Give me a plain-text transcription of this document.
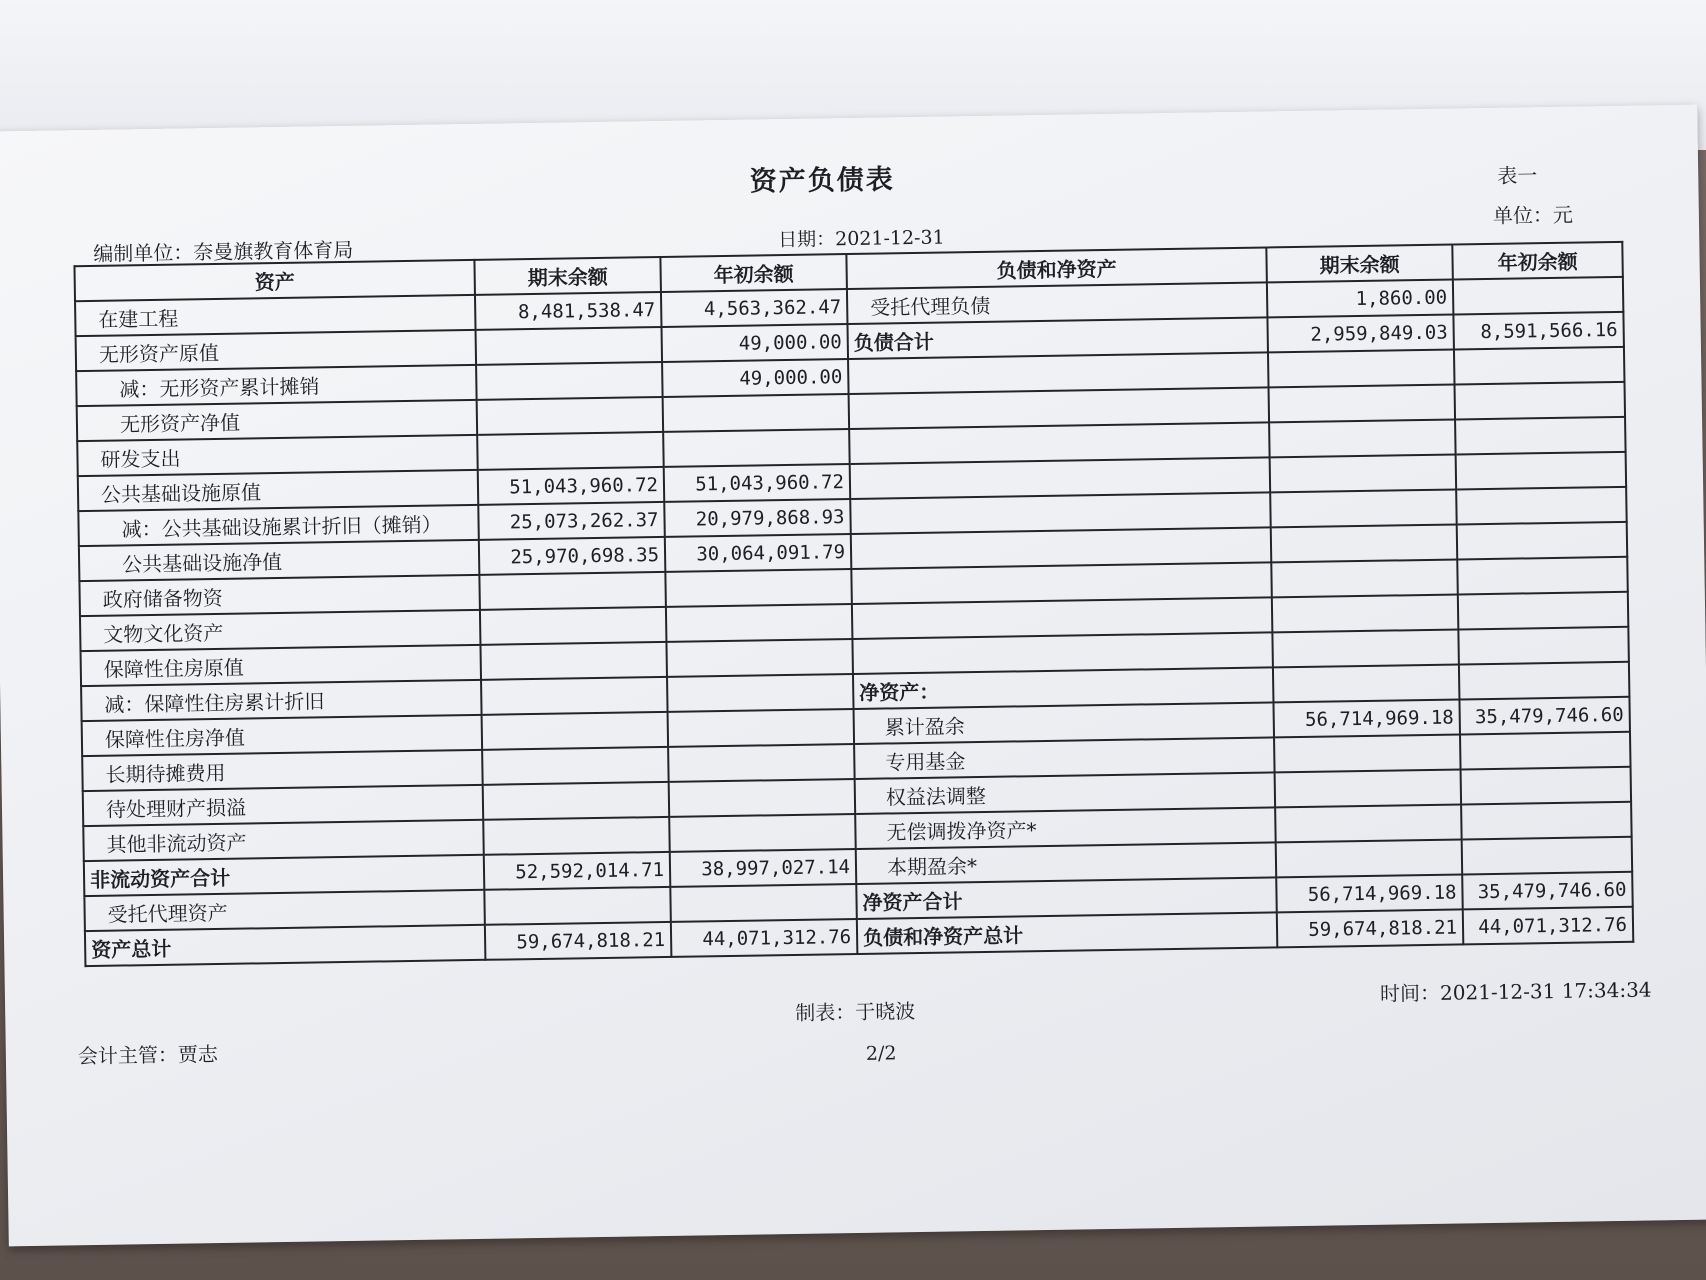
资产负债表	表一
单位：元
编制单位：奈曼旗教育体育局	日期：2021-12-31
资产	期末余额	年初余额	负债和净资产	期末余额	年初余额
在建工程	8,481,538.47	4,563,362.47	受托代理负债	1,860.00	
无形资产原值		49,000.00	负债合计	2,959,849.03	8,591,566.16
减：无形资产累计摊销		49,000.00			
无形资产净值					
研发支出					
公共基础设施原值	51,043,960.72	51,043,960.72			
减：公共基础设施累计折旧（摊销）	25,073,262.37	20,979,868.93			
公共基础设施净值	25,970,698.35	30,064,091.79			
政府储备物资					
文物文化资产					
保障性住房原值					
减：保障性住房累计折旧			净资产：		
保障性住房净值			累计盈余	56,714,969.18	35,479,746.60
长期待摊费用			专用基金		
待处理财产损溢			权益法调整		
其他非流动资产			无偿调拨净资产*		
非流动资产合计	52,592,014.71	38,997,027.14	本期盈余*		
受托代理资产			净资产合计	56,714,969.18	35,479,746.60
资产总计	59,674,818.21	44,071,312.76	负债和净资产总计	59,674,818.21	44,071,312.76
制表：于晓波
时间：2021-12-31 17:34:34
会计主管：贾志	2/2
